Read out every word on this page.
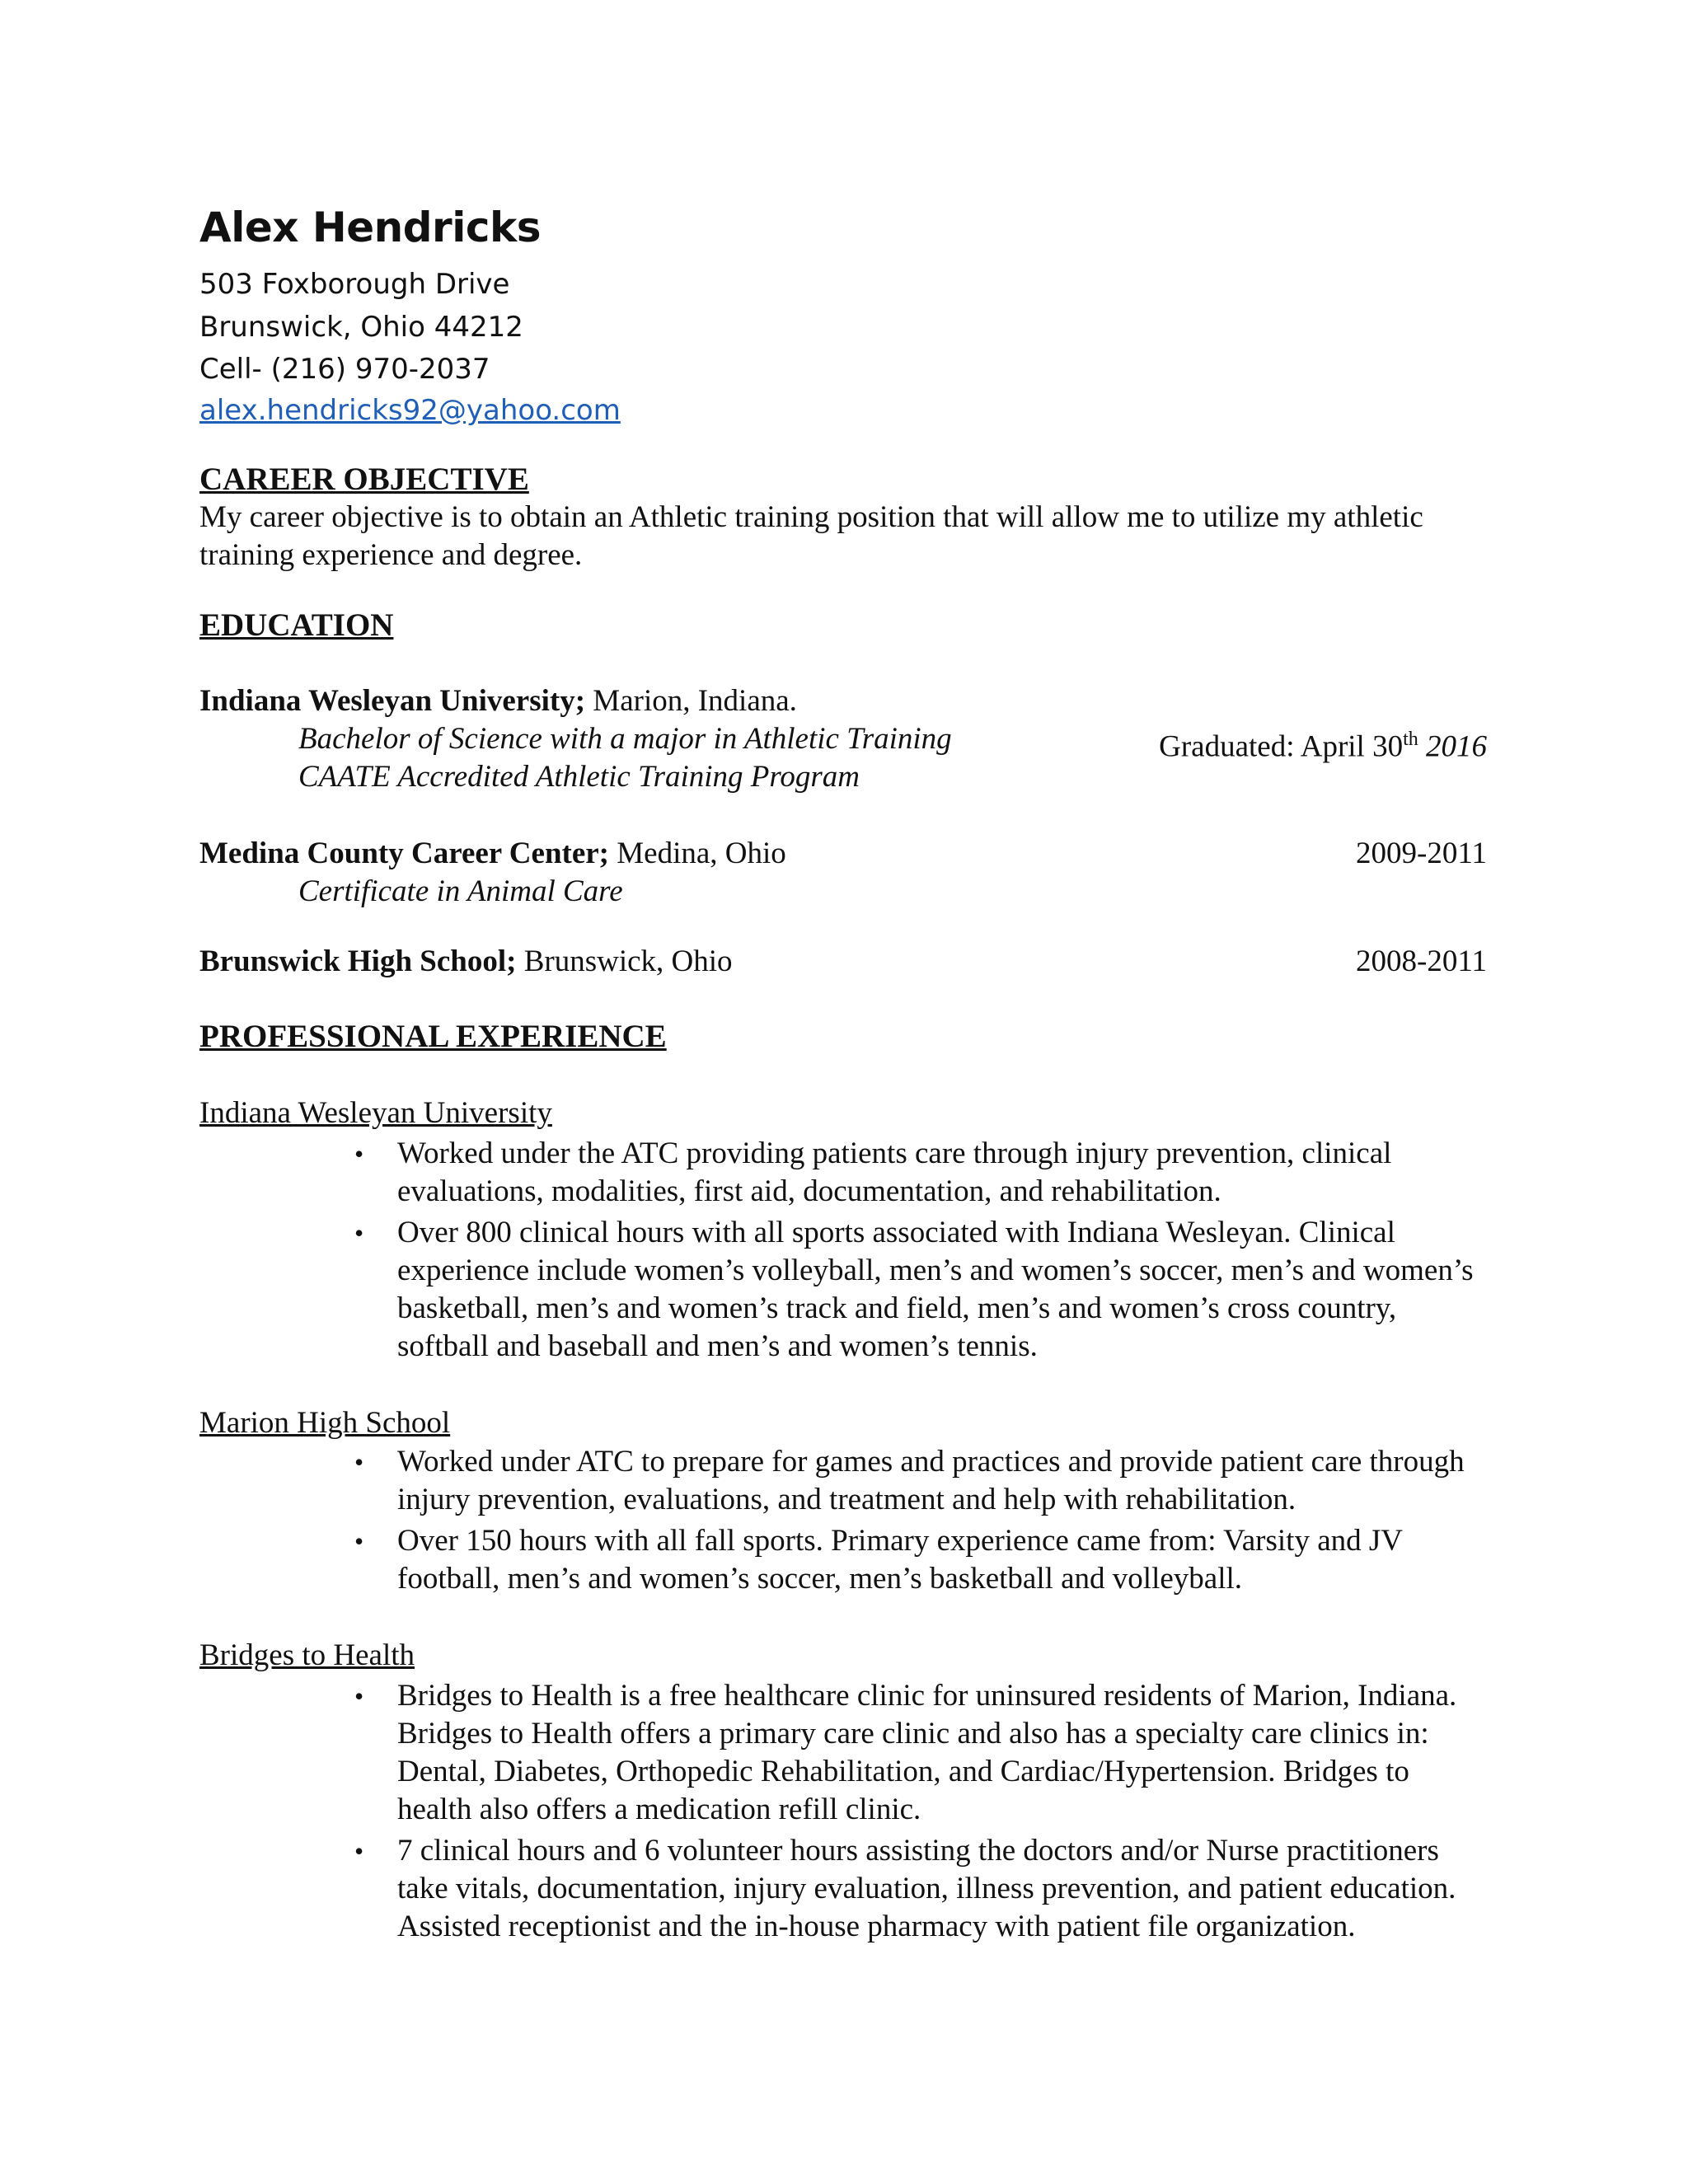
Alex Hendricks
503 Foxborough Drive
Brunswick, Ohio 44212
Cell- (216) 970-2037
alex.hendricks92@yahoo.com
CAREER OBJECTIVE
My career objective is to obtain an Athletic training position that will allow me to utilize my athletic training experience and degree.
EDUCATION
Indiana Wesleyan University; Marion, Indiana.
Bachelor of Science with a major in Athletic Training	Graduated: April 30th 2016
CAATE Accredited Athletic Training Program
Medina County Career Center; Medina, Ohio	2009-2011
Certificate in Animal Care
Brunswick High School; Brunswick, Ohio	2008-2011
PROFESSIONAL EXPERIENCE
Indiana Wesleyan University
• Worked under the ATC providing patients care through injury prevention, clinical evaluations, modalities, first aid, documentation, and rehabilitation.
• Over 800 clinical hours with all sports associated with Indiana Wesleyan. Clinical experience include women’s volleyball, men’s and women’s soccer, men’s and women’s basketball, men’s and women’s track and field, men’s and women’s cross country, softball and baseball and men’s and women’s tennis.
Marion High School
• Worked under ATC to prepare for games and practices and provide patient care through injury prevention, evaluations, and treatment and help with rehabilitation.
• Over 150 hours with all fall sports. Primary experience came from: Varsity and JV football, men’s and women’s soccer, men’s basketball and volleyball.
Bridges to Health
• Bridges to Health is a free healthcare clinic for uninsured residents of Marion, Indiana. Bridges to Health offers a primary care clinic and also has a specialty care clinics in: Dental, Diabetes, Orthopedic Rehabilitation, and Cardiac/Hypertension. Bridges to health also offers a medication refill clinic.
• 7 clinical hours and 6 volunteer hours assisting the doctors and/or Nurse practitioners take vitals, documentation, injury evaluation, illness prevention, and patient education. Assisted receptionist and the in-house pharmacy with patient file organization.
